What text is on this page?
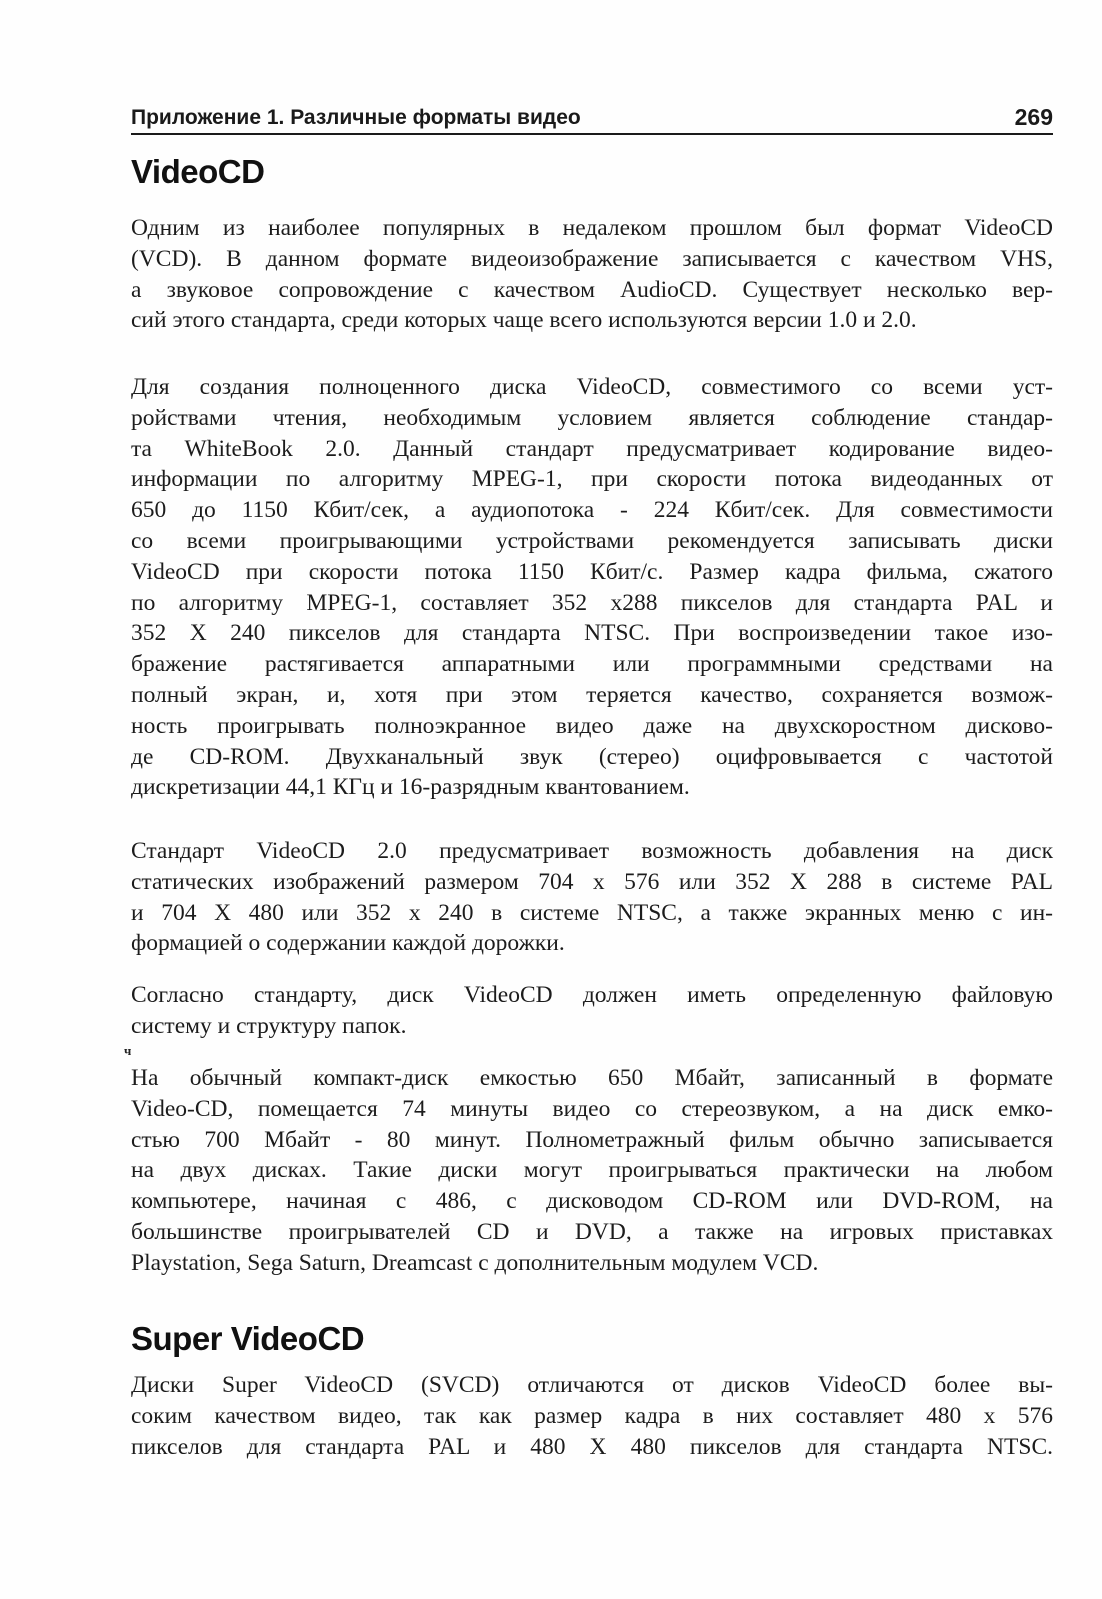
Приложение 1. Различные форматы видео	269
VideoCD
Одним из наиболее популярных в недалеком прошлом был формат VideoCD
(VCD). В данном формате видеоизображение записывается с качеством VHS,
а звуковое сопровождение с качеством AudioCD. Существует несколько вер-
сий этого стандарта, среди которых чаще всего используются версии 1.0 и 2.0.
Для создания полноценного диска VideoCD, совместимого со всеми уст-
ройствами чтения, необходимым условием является соблюдение стандар-
та WhiteBook 2.0. Данный стандарт предусматривает кодирование видео-
информации по алгоритму MPEG-1, при скорости потока видеоданных от
650 до 1150 Кбит/сек, а аудиопотока - 224 Кбит/сек. Для совместимости
со всеми проигрывающими устройствами рекомендуется записывать диски
VideoCD при скорости потока 1150 Кбит/с. Размер кадра фильма, сжатого
по алгоритму MPEG-1, составляет 352 x288 пикселов для стандарта PAL и
352 X 240 пикселов для стандарта NTSC. При воспроизведении такое изо-
бражение растягивается аппаратными или программными средствами на
полный экран, и, хотя при этом теряется качество, сохраняется возмож-
ность проигрывать полноэкранное видео даже на двухскоростном дисково-
де CD-ROM. Двухканальный звук (стерео) оцифровывается с частотой
дискретизации 44,1 КГц и 16-разрядным квантованием.
Стандарт VideoCD 2.0 предусматривает возможность добавления на диск
статических изображений размером 704 x 576 или 352 X 288 в системе PAL
и 704 X 480 или 352 x 240 в системе NTSC, а также экранных меню с ин-
формацией о содержании каждой дорожки.
Согласно стандарту, диск VideoCD должен иметь определенную файловую
систему и структуру папок.
ч
На обычный компакт-диск емкостью 650 Мбайт, записанный в формате
Video-CD, помещается 74 минуты видео со стереозвуком, а на диск емко-
стью 700 Мбайт - 80 минут. Полнометражный фильм обычно записывается
на двух дисках. Такие диски могут проигрываться практически на любом
компьютере, начиная с 486, с дисководом CD-ROM или DVD-ROM, на
большинстве проигрывателей CD и DVD, а также на игровых приставках
Playstation, Sega Saturn, Dreamcast с дополнительным модулем VCD.
Super VideoCD
Диски Super VideoCD (SVCD) отличаются от дисков VideoCD более вы-
соким качеством видео, так как размер кадра в них составляет 480 x 576
пикселов для стандарта PAL и 480 X 480 пикселов для стандарта NTSC.
